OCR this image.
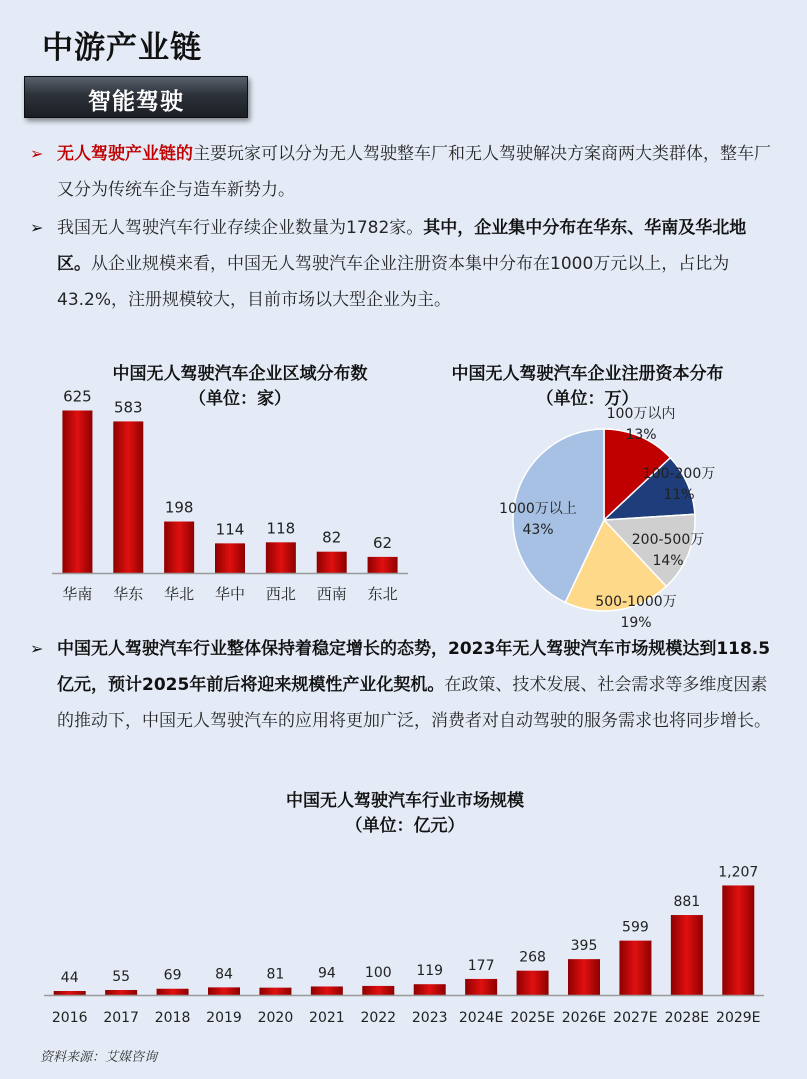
中游产业链
智能驾驶
➢ 无人驾驶产业链的主要玩家可以分为无人驾驶整车厂和无人驾驶解决方案商两大类群体，整车厂又分为传统车企与造车新势力。
➢ 我国无人驾驶汽车行业存续企业数量为1782家。其中，企业集中分布在华东、华南及华北地区。从企业规模来看，中国无人驾驶汽车企业注册资本集中分布在1000万元以上，占比为43.2%，注册规模较大，目前市场以大型企业为主。
中国无人驾驶汽车企业区域分布数
（单位：家）
625
华南
583
华东
198
华北
114
华中
118
西北
82
西南
62
东北
中国无人驾驶汽车企业注册资本分布
（单位：万）
100万以内
13%
100-200万
11%
200-500万
14%
500-1000万
19%
1000万以上
43%
➢ 中国无人驾驶汽车行业整体保持着稳定增长的态势，2023年无人驾驶汽车市场规模达到118.5亿元，预计2025年前后将迎来规模性产业化契机。在政策、技术发展、社会需求等多维度因素的推动下，中国无人驾驶汽车的应用将更加广泛，消费者对自动驾驶的服务需求也将同步增长。
中国无人驾驶汽车行业市场规模
（单位：亿元）
44
2016
55
2017
69
2018
84
2019
81
2020
94
2021
100
2022
119
2023
177
2024E
268
2025E
395
2026E
599
2027E
881
2028E
1,207
2029E
资料来源：艾媒咨询
